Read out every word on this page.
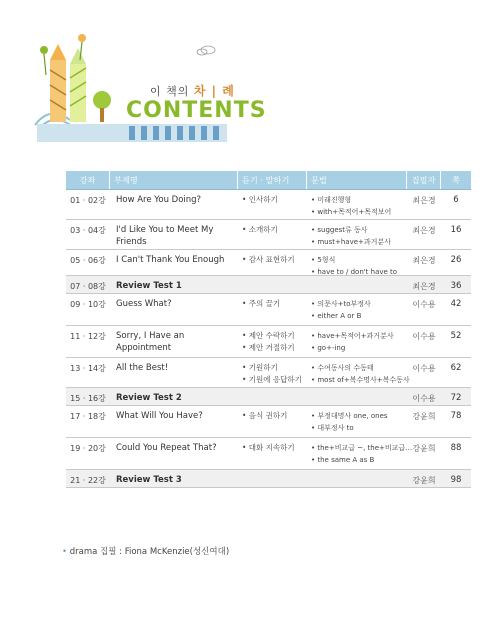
이 책의 차 | 례
CONTENTS
강좌	부제명	듣기 · 말하기	문법	집필자	쪽
01 · 02강	How Are You Doing?	• 인사하기	• 미래진행형
• with+목적어+목적보어
최은경	6
03 · 04강	I'd Like You to Meet My Friends
• 소개하기	• suggest류 동사
• must+have+과거분사
최은경	16
05 · 06강	I Can't Thank You Enough	• 감사 표현하기	• 5형식
• have to / don't have to
최은경	26
07 · 08강	Review Test 1	최은경	36
09 · 10강	Guess What?	• 주의 끌기	• 의문사+to부정사
• either A or B
이수용	42
11 · 12강	Sorry, I Have an Appointment
• 제안 수락하기
• 제안 거절하기
• have+목적어+과거분사
• go+-ing
이수용	52
13 · 14강	All the Best!	• 기원하기
• 기원에 응답하기
• 수여동사의 수동태
• most of+복수명사+복수동사
이수용	62
15 · 16강	Review Test 2	이수용	72
17 · 18강	What Will You Have?	• 음식 권하기	• 부정대명사 one, ones
• 대부정사 to
강윤희	78
19 · 20강	Could You Repeat That?	• 대화 지속하기	• the+비교급 ~, the+비교급…
• the same A as B
강윤희	88
21 · 22강	Review Test 3	강윤희	98
• drama 집필 : Fiona McKenzie(성신여대)
